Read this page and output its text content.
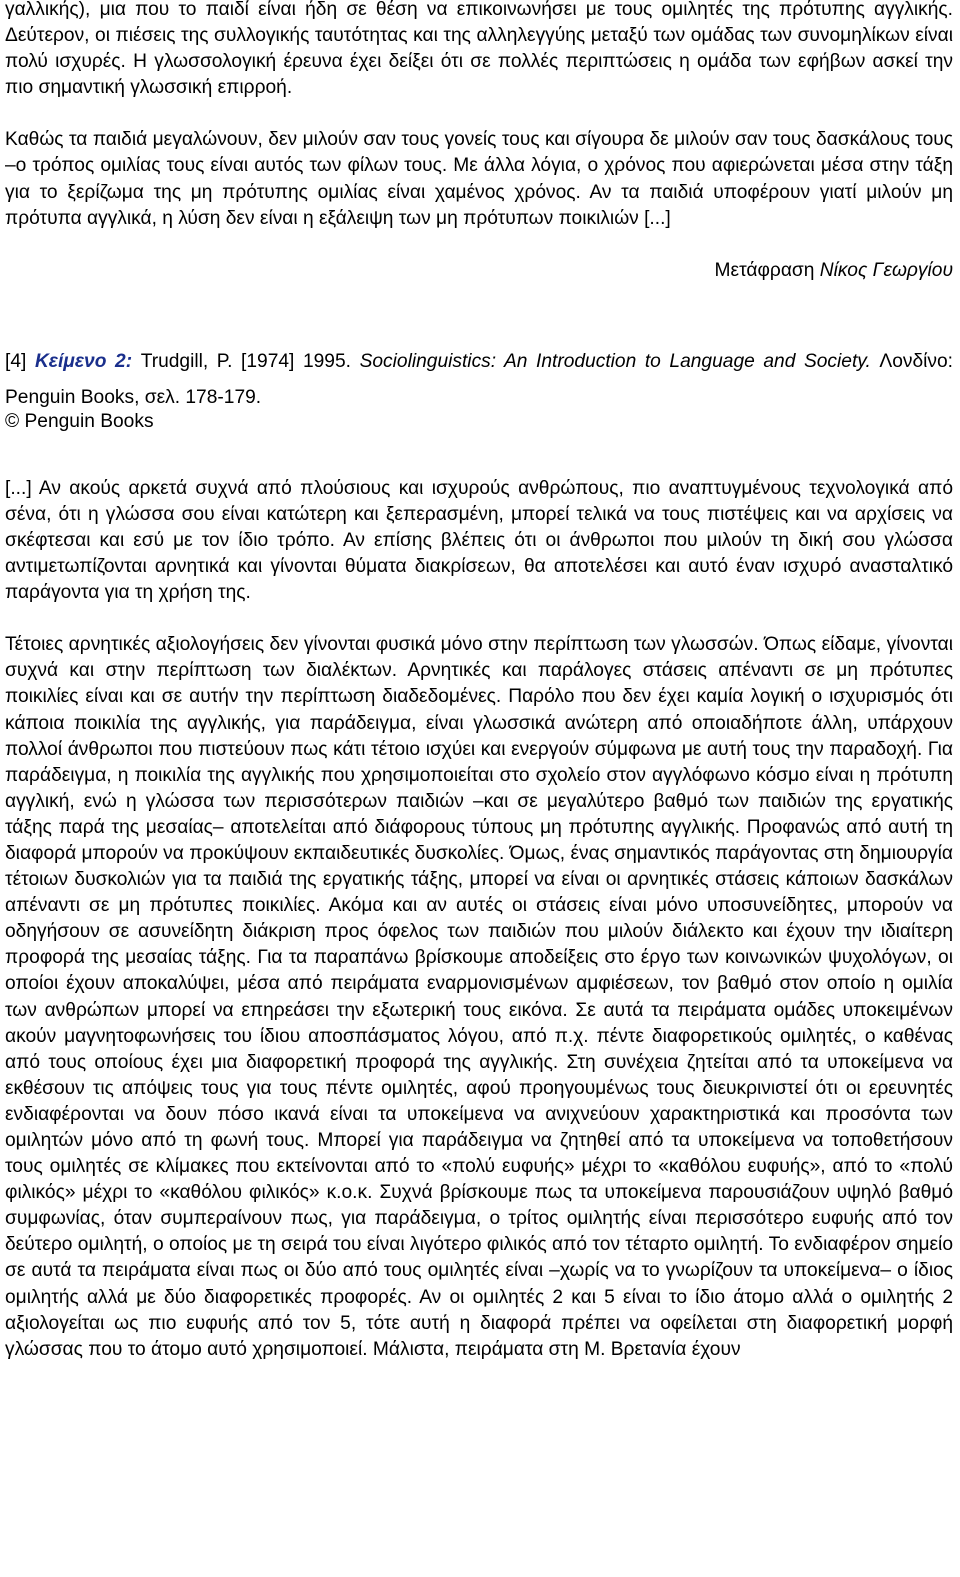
γαλλικής), μια που το παιδί είναι ήδη σε θέση να επικοινωνήσει με τους ομιλητές της πρότυπης αγγλικής. Δεύτερον, οι πιέσεις της συλλογικής ταυτότητας και της αλληλεγγύης μεταξύ των ομάδας των συνομηλίκων είναι πολύ ισχυρές. Η γλωσσολογική έρευνα έχει δείξει ότι σε πολλές περιπτώσεις η ομάδα των εφήβων ασκεί την πιο σημαντική γλωσσική επιρροή.

Καθώς τα παιδιά μεγαλώνουν, δεν μιλούν σαν τους γονείς τους και σίγουρα δε μιλούν σαν τους δασκάλους τους –ο τρόπος ομιλίας τους είναι αυτός των φίλων τους. Με άλλα λόγια, ο χρόνος που αφιερώνεται μέσα στην τάξη για το ξερίζωμα της μη πρότυπης ομιλίας είναι χαμένος χρόνος. Αν τα παιδιά υποφέρουν γιατί μιλούν μη πρότυπα αγγλικά, η λύση δεν είναι η εξάλειψη των μη πρότυπων ποικιλιών [...]

Μετάφραση Νίκος Γεωργίου
[4] Κείμενο 2: Trudgill, P. [1974] 1995. Sociolinguistics: An Introduction to Language and Society. Λονδίνο: Penguin Books, σελ. 178-179.
© Penguin Books

[...] Αν ακούς αρκετά συχνά από πλούσιους και ισχυρούς ανθρώπους, πιο αναπτυγμένους τεχνολογικά από σένα, ότι η γλώσσα σου είναι κατώτερη και ξεπερασμένη, μπορεί τελικά να τους πιστέψεις και να αρχίσεις να σκέφτεσαι και εσύ με τον ίδιο τρόπο. Αν επίσης βλέπεις ότι οι άνθρωποι που μιλούν τη δική σου γλώσσα αντιμετωπίζονται αρνητικά και γίνονται θύματα διακρίσεων, θα αποτελέσει και αυτό έναν ισχυρό ανασταλτικό παράγοντα για τη χρήση της.

Τέτοιες αρνητικές αξιολογήσεις δεν γίνονται φυσικά μόνο στην περίπτωση των γλωσσών. Όπως είδαμε, γίνονται συχνά και στην περίπτωση των διαλέκτων. Αρνητικές και παράλογες στάσεις απέναντι σε μη πρότυπες ποικιλίες είναι και σε αυτήν την περίπτωση διαδεδομένες. Παρόλο που δεν έχει καμία λογική ο ισχυρισμός ότι κάποια ποικιλία της αγγλικής, για παράδειγμα, είναι γλωσσικά ανώτερη από οποιαδήποτε άλλη, υπάρχουν πολλοί άνθρωποι που πιστεύουν πως κάτι τέτοιο ισχύει και ενεργούν σύμφωνα με αυτή τους την παραδοχή. Για παράδειγμα, η ποικιλία της αγγλικής που χρησιμοποιείται στο σχολείο στον αγγλόφωνο κόσμο είναι η πρότυπη αγγλική, ενώ η γλώσσα των περισσότερων παιδιών –και σε μεγαλύτερο βαθμό των παιδιών της εργατικής τάξης παρά της μεσαίας– αποτελείται από διάφορους τύπους μη πρότυπης αγγλικής. Προφανώς από αυτή τη διαφορά μπορούν να προκύψουν εκπαιδευτικές δυσκολίες. Όμως, ένας σημαντικός παράγοντας στη δημιουργία τέτοιων δυσκολιών για τα παιδιά της εργατικής τάξης, μπορεί να είναι οι αρνητικές στάσεις κάποιων δασκάλων απέναντι σε μη πρότυπες ποικιλίες. Ακόμα και αν αυτές οι στάσεις είναι μόνο υποσυνείδητες, μπορούν να οδηγήσουν σε ασυνείδητη διάκριση προς όφελος των παιδιών που μιλούν διάλεκτο και έχουν την ιδιαίτερη προφορά της μεσαίας τάξης. Για τα παραπάνω βρίσκουμε αποδείξεις στο έργο των κοινωνικών ψυχολόγων, οι οποίοι έχουν αποκαλύψει, μέσα από πειράματα εναρμονισμένων αμφιέσεων, τον βαθμό στον οποίο η ομιλία των ανθρώπων μπορεί να επηρεάσει την εξωτερική τους εικόνα. Σε αυτά τα πειράματα ομάδες υποκειμένων ακούν μαγνητοφωνήσεις του ίδιου αποσπάσματος λόγου, από π.χ. πέντε διαφορετικούς ομιλητές, ο καθένας από τους οποίους έχει μια διαφορετική προφορά της αγγλικής. Στη συνέχεια ζητείται από τα υποκείμενα να εκθέσουν τις απόψεις τους για τους πέντε ομιλητές, αφού προηγουμένως τους διευκρινιστεί ότι οι ερευνητές ενδιαφέρονται να δουν πόσο ικανά είναι τα υποκείμενα να ανιχνεύουν χαρακτηριστικά και προσόντα των ομιλητών μόνο από τη φωνή τους. Μπορεί για παράδειγμα να ζητηθεί από τα υποκείμενα να τοποθετήσουν τους ομιλητές σε κλίμακες που εκτείνονται από το «πολύ ευφυής» μέχρι το «καθόλου ευφυής», από το «πολύ φιλικός» μέχρι το «καθόλου φιλικός» κ.ο.κ. Συχνά βρίσκουμε πως τα υποκείμενα παρουσιάζουν υψηλό βαθμό συμφωνίας, όταν συμπεραίνουν πως, για παράδειγμα, ο τρίτος ομιλητής είναι περισσότερο ευφυής από τον δεύτερο ομιλητή, ο οποίος με τη σειρά του είναι λιγότερο φιλικός από τον τέταρτο ομιλητή. Το ενδιαφέρον σημείο σε αυτά τα πειράματα είναι πως οι δύο από τους ομιλητές είναι –χωρίς να το γνωρίζουν τα υποκείμενα– ο ίδιος ομιλητής αλλά με δύο διαφορετικές προφορές. Αν οι ομιλητές 2 και 5 είναι το ίδιο άτομο αλλά ο ομιλητής 2 αξιολογείται ως πιο ευφυής από τον 5, τότε αυτή η διαφορά πρέπει να οφείλεται στη διαφορετική μορφή γλώσσας που το άτομο αυτό χρησιμοποιεί. Μάλιστα, πειράματα στη Μ. Βρετανία έχουν
